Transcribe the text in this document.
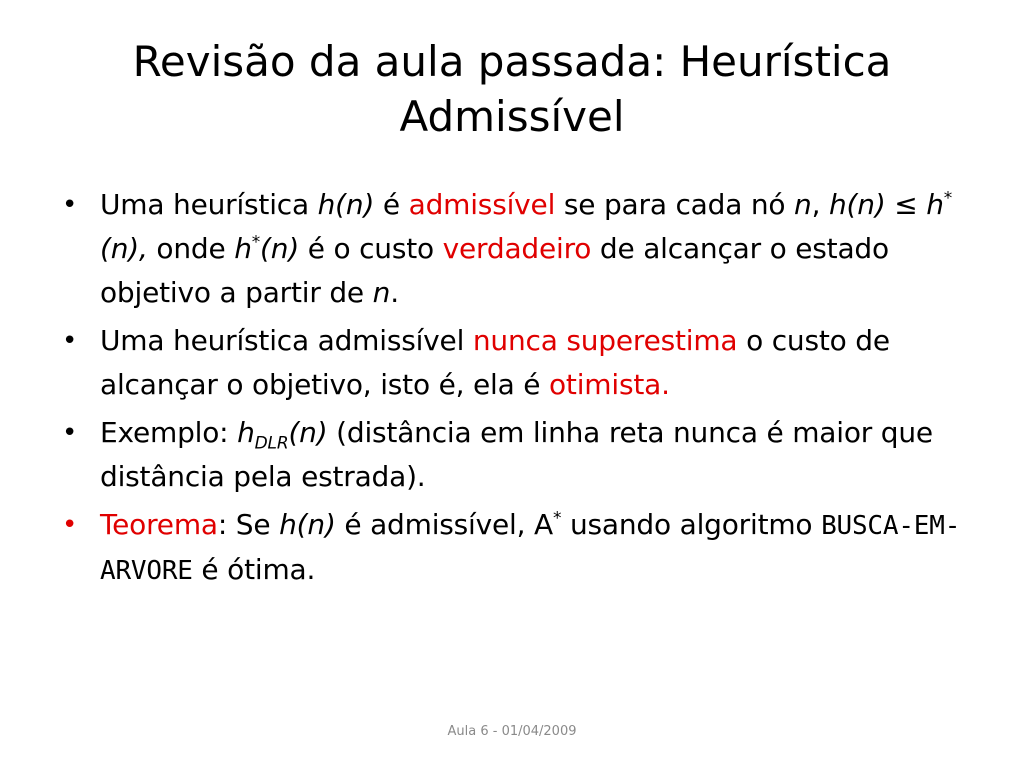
Revisão da aula passada: Heurística
Admissível
• Uma heurística h(n) é admissível se para cada nó n, h(n) ≤ h*(n), onde h*(n) é o custo verdadeiro de alcançar o estado objetivo a partir de n.
• Uma heurística admissível nunca superestima o custo de alcançar o objetivo, isto é, ela é otimista.
• Exemplo: $h_{DLR}(n)$ (distância em linha reta nunca é maior que distância pela estrada).
• Teorema: Se h(n) é admissível, A* usando algoritmo BUSCA-EM-ARVORE é ótima.
Aula 6 - 01/04/2009
